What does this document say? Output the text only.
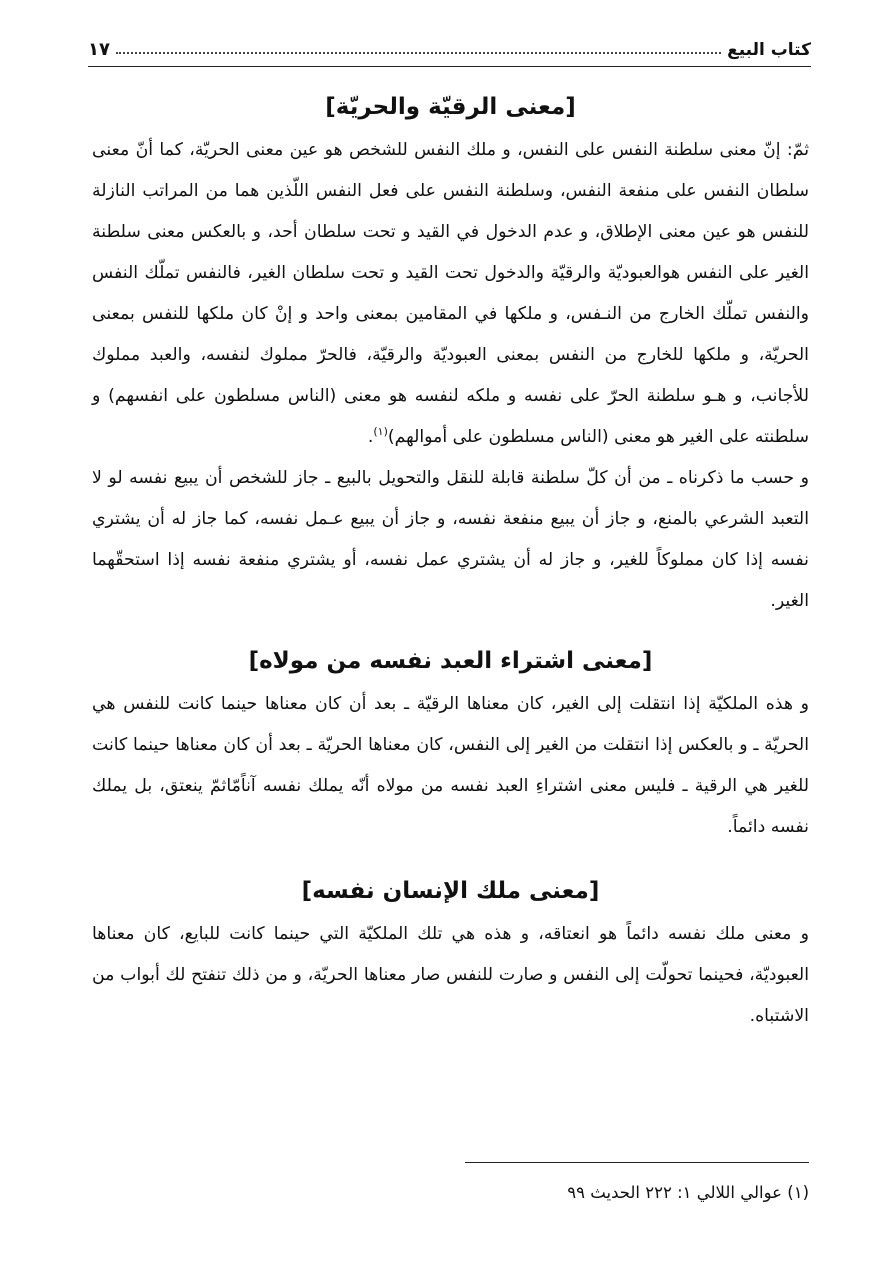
كتاب البيع
١٧
[معنى الرقيّة والحريّة]

ثمّ: إنّ معنى سلطنة النفس على النفس، و ملك النفس للشخص هو عين معنى الحريّة، كما أنّ معنى سلطان النفس على منفعة النفس، وسلطنة النفس على فعل النفس اللّذين هما من المراتب النازلة للنفس هو عين معنى الإطلاق، و عدم الدخول في القيد و تحت سلطان أحد، و بالعكس معنى سلطنة الغير على النفس هوالعبوديّة والرقيّة والدخول تحت القيد و تحت سلطان الغير، فالنفس تملّك النفس والنفس تملّك الخارج من النـفس، و ملكها في المقامين بمعنى واحد و إنْ كان ملكها للنفس بمعنى الحريّة، و ملكها للخارج من النفس بمعنى العبوديّة والرقيّة، فالحرّ مملوك لنفسه، والعبد مملوك للأجانب، و هـو سلطنة الحرّ على نفسه و ملكه لنفسه هو معنى (الناس مسلطون على انفسهم) و سلطنته على الغير هو معنى (الناس مسلطون على أموالهم)$^{(١)}$.

و حسب ما ذكرناه ـ من أن كلّ سلطنة قابلة للنقل والتحويل بالبيع ـ جاز للشخص أن يبيع نفسه لو لا التعبد الشرعي بالمنع، و جاز أن يبيع منفعة نفسه، و جاز أن يبيع عـمل نفسه، كما جاز له أن يشتري نفسه إذا كان مملوكاً للغير، و جاز له أن يشتري عمل نفسه، أو يشتري منفعة نفسه إذا استحقّهما الغير.

[معنى اشتراء العبد نفسه من مولاه]

و هذه الملكيّة إذا انتقلت إلى الغير، كان معناها الرقيّة ـ بعد أن كان معناها حينما كانت للنفس هي الحريّة ـ و بالعكس إذا انتقلت من الغير إلى النفس، كان معناها الحريّة ـ بعد أن كان معناها حينما كانت للغير هي الرقية ـ فليس معنى اشتراءِ العبد نفسه من مولاه أنّه يملك نفسه آناًمّاثمّ ينعتق، بل يملك نفسه دائماً.

[معنى ملك الإنسان نفسه]

و معنى ملك نفسه دائماً هو انعتاقه، و هذه هي تلك الملكيّة التي حينما كانت للبايع، كان معناها العبوديّة، فحينما تحولّت إلى النفس و صارت للنفس صار معناها الحريّة، و من ذلك تنفتح لك أبواب من الاشتباه.

(١) عوالي اللالي ١: ٢٢٢ الحديث ٩٩
